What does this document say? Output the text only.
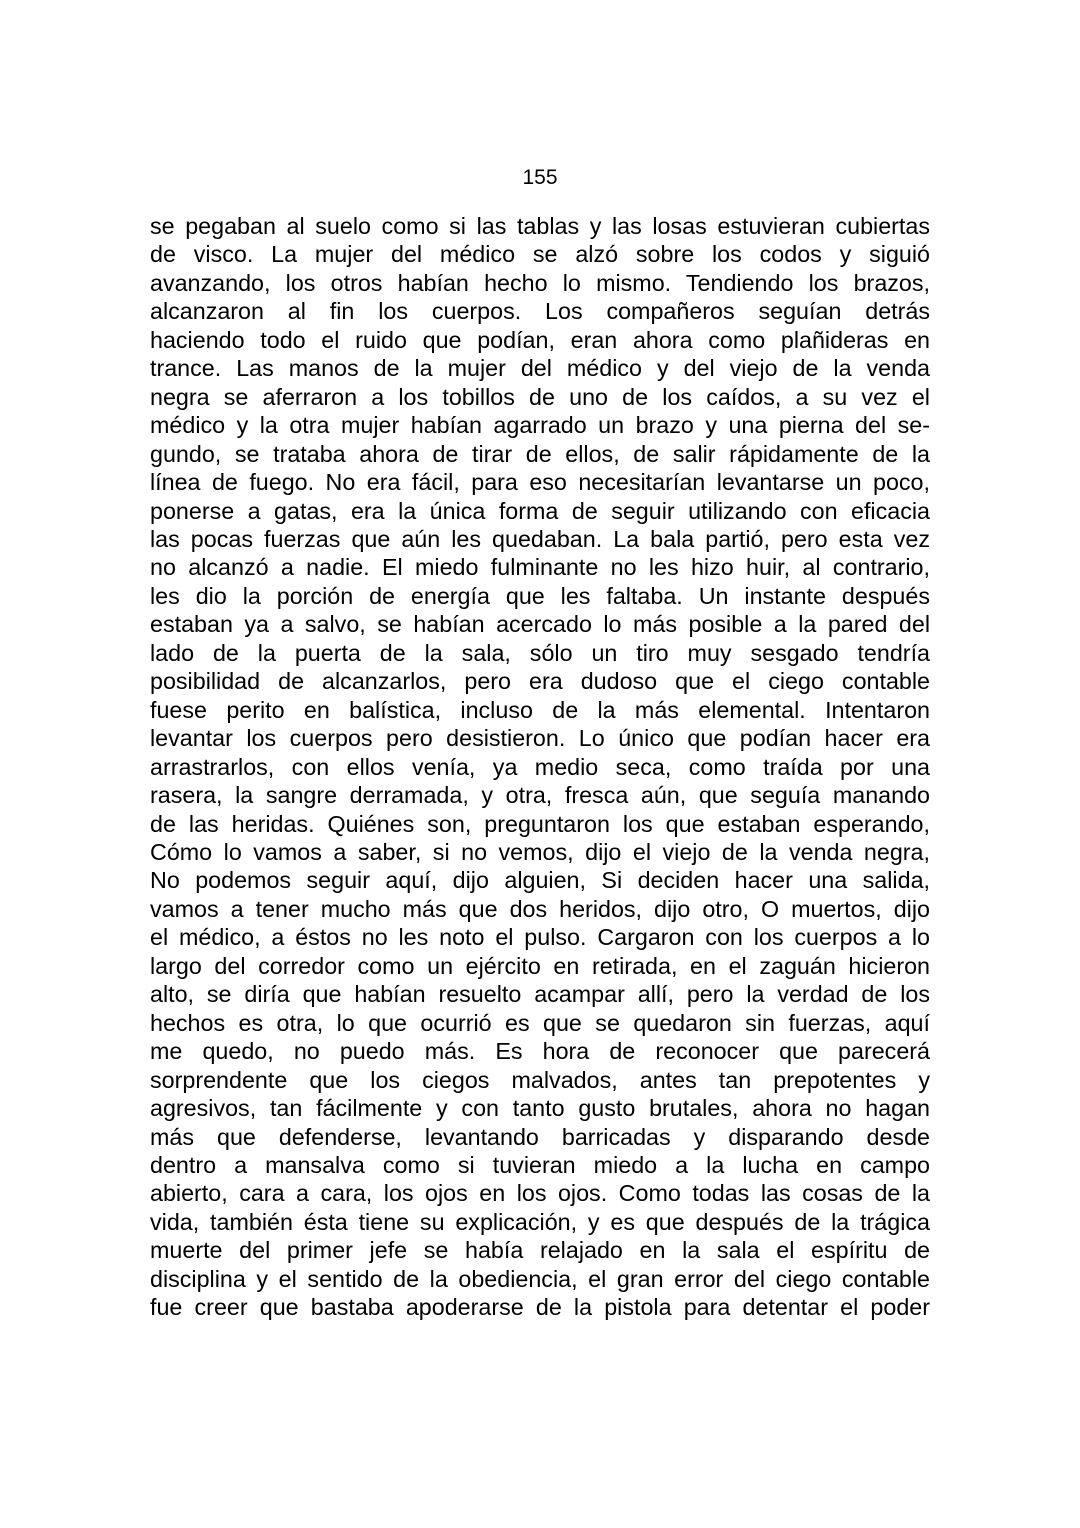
155
se pegaban al suelo como si las tablas y las losas estuvieran cubiertas
de visco. La mujer del médico se alzó sobre los codos y siguió
avanzando, los otros habían hecho lo mismo. Tendiendo los brazos,
alcanzaron al fin los cuerpos. Los compañeros seguían detrás
haciendo todo el ruido que podían, eran ahora como plañideras en
trance. Las manos de la mujer del médico y del viejo de la venda
negra se aferraron a los tobillos de uno de los caídos, a su vez el
médico y la otra mujer habían agarrado un brazo y una pierna del se-
gundo, se trataba ahora de tirar de ellos, de salir rápidamente de la
línea de fuego. No era fácil, para eso necesitarían levantarse un poco,
ponerse a gatas, era la única forma de seguir utilizando con eficacia
las pocas fuerzas que aún les quedaban. La bala partió, pero esta vez
no alcanzó a nadie. El miedo fulminante no les hizo huir, al contrario,
les dio la porción de energía que les faltaba. Un instante después
estaban ya a salvo, se habían acercado lo más posible a la pared del
lado de la puerta de la sala, sólo un tiro muy sesgado tendría
posibilidad de alcanzarlos, pero era dudoso que el ciego contable
fuese perito en balística, incluso de la más elemental. Intentaron
levantar los cuerpos pero desistieron. Lo único que podían hacer era
arrastrarlos, con ellos venía, ya medio seca, como traída por una
rasera, la sangre derramada, y otra, fresca aún, que seguía manando
de las heridas. Quiénes son, preguntaron los que estaban esperando,
Cómo lo vamos a saber, si no vemos, dijo el viejo de la venda negra,
No podemos seguir aquí, dijo alguien, Si deciden hacer una salida,
vamos a tener mucho más que dos heridos, dijo otro, O muertos, dijo
el médico, a éstos no les noto el pulso. Cargaron con los cuerpos a lo
largo del corredor como un ejército en retirada, en el zaguán hicieron
alto, se diría que habían resuelto acampar allí, pero la verdad de los
hechos es otra, lo que ocurrió es que se quedaron sin fuerzas, aquí
me quedo, no puedo más. Es hora de reconocer que parecerá
sorprendente que los ciegos malvados, antes tan prepotentes y
agresivos, tan fácilmente y con tanto gusto brutales, ahora no hagan
más que defenderse, levantando barricadas y disparando desde
dentro a mansalva como si tuvieran miedo a la lucha en campo
abierto, cara a cara, los ojos en los ojos. Como todas las cosas de la
vida, también ésta tiene su explicación, y es que después de la trágica
muerte del primer jefe se había relajado en la sala el espíritu de
disciplina y el sentido de la obediencia, el gran error del ciego contable
fue creer que bastaba apoderarse de la pistola para detentar el poder
